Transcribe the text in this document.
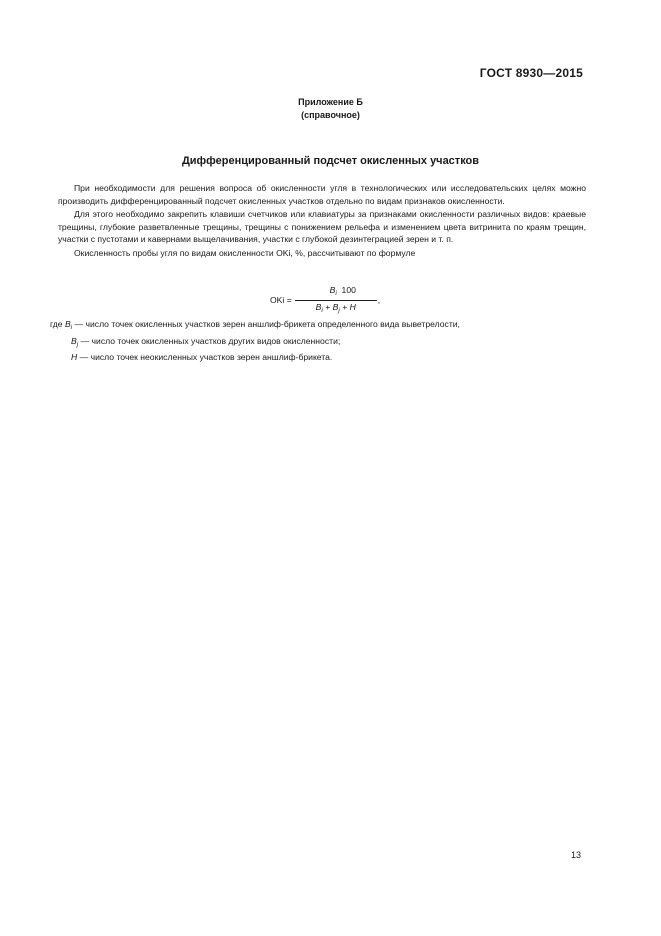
ГОСТ 8930—2015
Приложение Б
(справочное)
Дифференцированный подсчет окисленных участков

При необходимости для решения вопроса об окисленности угля в технологических или исследовательских целях можно производить дифференцированный подсчет окисленных участков отдельно по видам признаков окисленности.

Для этого необходимо закрепить клавиши счетчиков или клавиатуры за признаками окисленности различных видов: краевые трещины, глубокие разветвленные трещины, трещины с понижением рельефа и изменением цвета витринита по краям трещин, участки с пустотами и кавернами выщелачивания, участки с глубокой дезинтеграцией зерен и т. п.

Окисленность пробы угля по видам окисленности OKi, %, рассчитывают по формуле

OKi = $\frac{B_i 100}{B_i + B_j + H}$ ,
где $B_i$ — число точек окисленных участков зерен аншлиф-брикета определенного вида выветрелости,
$B_j$ — число точек окисленных участков других видов окисленности;
H — число точек неокисленных участков зерен аншлиф-брикета.
13
